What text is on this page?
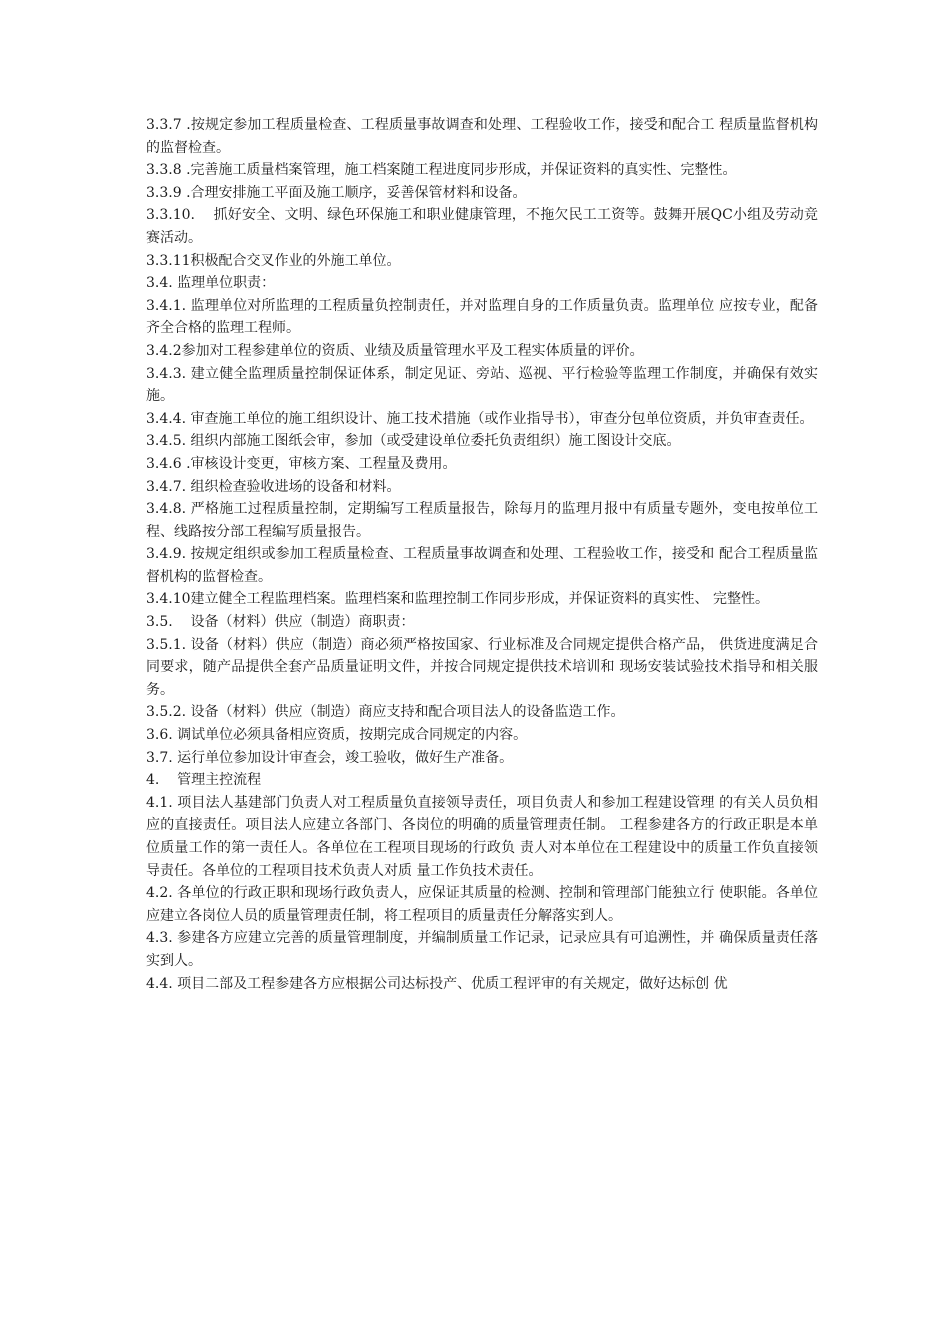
3.3.7 .按规定参加工程质量检查、工程质量事故调查和处理、工程验收工作，接受和配合工 程质量监督机构的监督检查。

3.3.8 .完善施工质量档案管理，施工档案随工程进度同步形成，并保证资料的真实性、完整性。

3.3.9 .合理安排施工平面及施工顺序，妥善保管材料和设备。

3.3.10.    抓好安全、文明、绿色环保施工和职业健康管理，不拖欠民工工资等。鼓舞开展QC小组及劳动竞赛活动。

3.3.11积极配合交叉作业的外施工单位。

3.4. 监理单位职责：

3.4.1. 监理单位对所监理的工程质量负控制责任，并对监理自身的工作质量负责。监理单位 应按专业，配备齐全合格的监理工程师。

3.4.2参加对工程参建单位的资质、业绩及质量管理水平及工程实体质量的评价。

3.4.3. 建立健全监理质量控制保证体系，制定见证、旁站、巡视、平行检验等监理工作制度，并确保有效实施。

3.4.4. 审查施工单位的施工组织设计、施工技术措施（或作业指导书），审查分包单位资质，并负审查责任。

3.4.5. 组织内部施工图纸会审，参加（或受建设单位委托负责组织）施工图设计交底。

3.4.6 .审核设计变更，审核方案、工程量及费用。

3.4.7. 组织检查验收进场的设备和材料。

3.4.8. 严格施工过程质量控制，定期编写工程质量报告，除每月的监理月报中有质量专题外，变电按单位工程、线路按分部工程编写质量报告。

3.4.9. 按规定组织或参加工程质量检查、工程质量事故调查和处理、工程验收工作，接受和 配合工程质量监督机构的监督检查。

3.4.10建立健全工程监理档案。监理档案和监理控制工作同步形成，并保证资料的真实性、 完整性。

3.5.    设备（材料）供应（制造）商职责：

3.5.1. 设备（材料）供应（制造）商必须严格按国家、行业标准及合同规定提供合格产品， 供货进度满足合同要求，随产品提供全套产品质量证明文件，并按合同规定提供技术培训和 现场安装试验技术指导和相关服务。

3.5.2. 设备（材料）供应（制造）商应支持和配合项目法人的设备监造工作。

3.6. 调试单位必须具备相应资质，按期完成合同规定的内容。

3.7. 运行单位参加设计审查会，竣工验收，做好生产准备。

4.    管理主控流程

4.1. 项目法人基建部门负责人对工程质量负直接领导责任，项目负责人和参加工程建设管理 的有关人员负相应的直接责任。项目法人应建立各部门、各岗位的明确的质量管理责任制。 工程参建各方的行政正职是本单位质量工作的第一责任人。各单位在工程项目现场的行政负 责人对本单位在工程建设中的质量工作负直接领导责任。各单位的工程项目技术负责人对质 量工作负技术责任。

4.2. 各单位的行政正职和现场行政负责人，应保证其质量的检测、控制和管理部门能独立行 使职能。各单位应建立各岗位人员的质量管理责任制，将工程项目的质量责任分解落实到人。

4.3. 参建各方应建立完善的质量管理制度，并编制质量工作记录，记录应具有可追溯性，并 确保质量责任落实到人。

4.4. 项目二部及工程参建各方应根据公司达标投产、优质工程评审的有关规定，做好达标创 优
